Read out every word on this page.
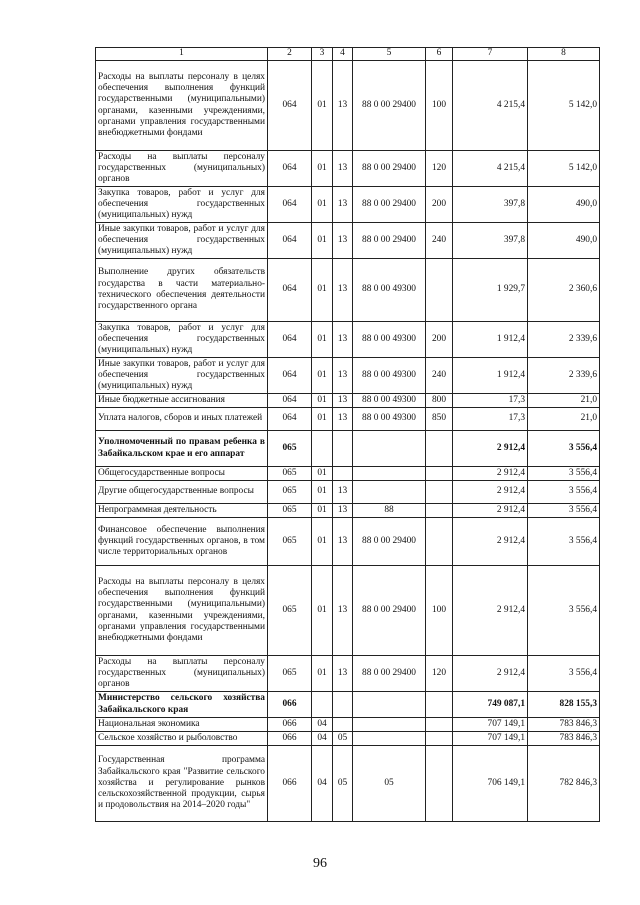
1	2	3	4	5	6	7	8
Расходы на выплаты персоналу в целях обеспечения выполнения функций государственными (муниципальными) органами, казенными учреждениями, органами управления государственными внебюджетными фондами	064	01	13	88 0 00 29400	100	4 215,4	5 142,0
Расходы на выплаты персоналу государственных (муниципальных) органов	064	01	13	88 0 00 29400	120	4 215,4	5 142,0
Закупка товаров, работ и услуг для обеспечения государственных (муниципальных) нужд	064	01	13	88 0 00 29400	200	397,8	490,0
Иные закупки товаров, работ и услуг для обеспечения государственных (муниципальных) нужд	064	01	13	88 0 00 29400	240	397,8	490,0
Выполнение других обязательств государства в части материально-технического обеспечения деятельности государственного органа	064	01	13	88 0 00 49300		1 929,7	2 360,6
Закупка товаров, работ и услуг для обеспечения государственных (муниципальных) нужд	064	01	13	88 0 00 49300	200	1 912,4	2 339,6
Иные закупки товаров, работ и услуг для обеспечения государственных (муниципальных) нужд	064	01	13	88 0 00 49300	240	1 912,4	2 339,6
Иные бюджетные ассигнования	064	01	13	88 0 00 49300	800	17,3	21,0
Уплата налогов, сборов и иных платежей	064	01	13	88 0 00 49300	850	17,3	21,0
Уполномоченный по правам ребенка в Забайкальском крае и его аппарат	065					2 912,4	3 556,4
Общегосударственные вопросы	065	01				2 912,4	3 556,4
Другие общегосударственные вопросы	065	01	13			2 912,4	3 556,4
Непрограммная деятельность	065	01	13	88		2 912,4	3 556,4
Финансовое обеспечение выполнения функций государственных органов, в том числе территориальных органов	065	01	13	88 0 00 29400		2 912,4	3 556,4
Расходы на выплаты персоналу в целях обеспечения выполнения функций государственными (муниципальными) органами, казенными учреждениями, органами управления государственными внебюджетными фондами	065	01	13	88 0 00 29400	100	2 912,4	3 556,4
Расходы на выплаты персоналу государственных (муниципальных) органов	065	01	13	88 0 00 29400	120	2 912,4	3 556,4
Министерство сельского хозяйства Забайкальского края	066					749 087,1	828 155,3
Национальная экономика	066	04				707 149,1	783 846,3
Сельское хозяйство и рыболовство	066	04	05			707 149,1	783 846,3
Государственная программа Забайкальского края "Развитие сельского хозяйства и регулирование рынков сельскохозяйственной продукции, сырья и продовольствия на 2014–2020 годы"	066	04	05	05		706 149,1	782 846,3
96
